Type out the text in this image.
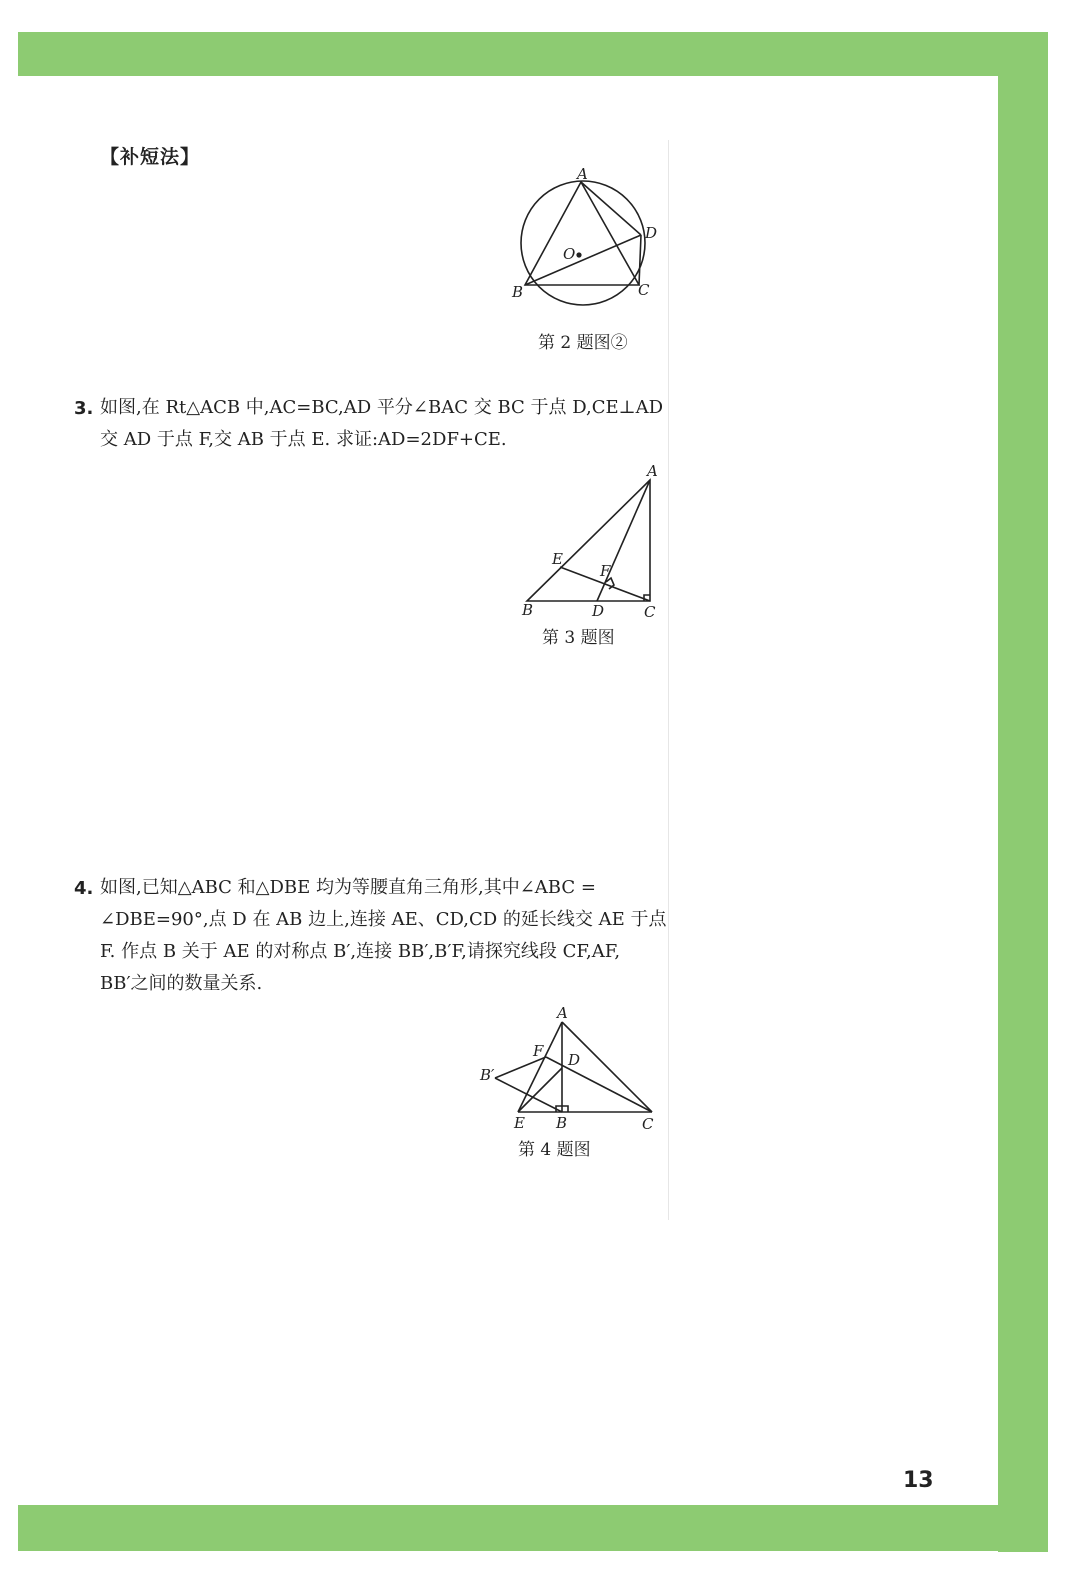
【补短法】
A
D
O
B	C
第 2 题图②
3. 如图,在 Rt△ACB 中,AC=BC,AD 平分∠BAC 交 BC 于点 D,CE⊥AD
交 AD 于点 F,交 AB 于点 E. 求证:AD=2DF+CE.
A
E
F
B	D	C
第 3 题图
4. 如图,已知△ABC 和△DBE 均为等腰直角三角形,其中∠ABC =
∠DBE=90°,点 D 在 AB 边上,连接 AE、CD,CD 的延长线交 AE 于点
F. 作点 B 关于 AE 的对称点 B′,连接 BB′,B′F,请探究线段 CF,AF,
BB′之间的数量关系.
A
F D
B′
E B	C
第 4 题图
13
